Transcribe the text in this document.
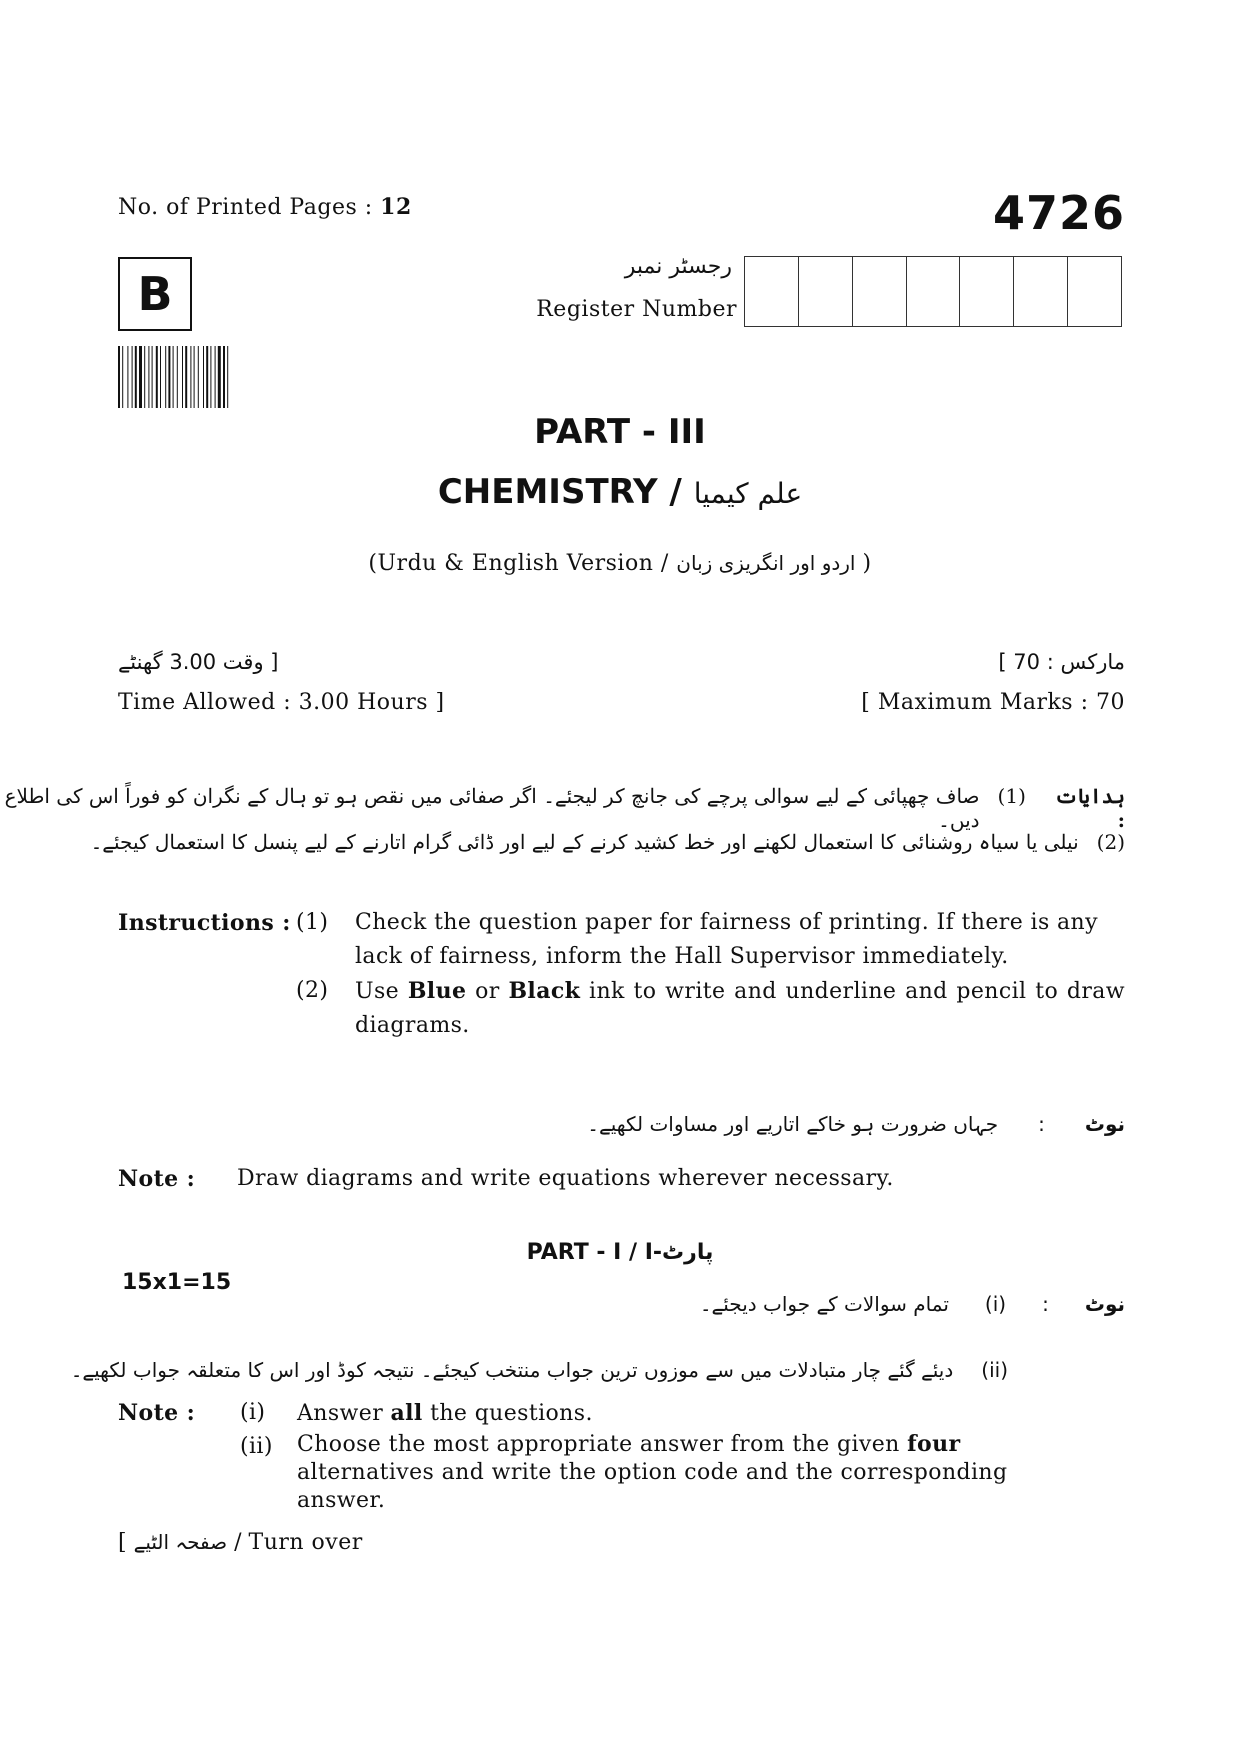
No. of Printed Pages : 12	4726
B
رجسٹر نمبر
Register Number
PART - III
CHEMISTRY / علم کیمیا
(Urdu & English Version / اردو اور انگریزی زبان )
[ وقت 3.00 گھنٹے
Time Allowed : 3.00 Hours ]
مارکس : 70 ]
[ Maximum Marks : 70
ہدایات :
(1)
صاف چھپائی کے لیے سوالی پرچے کی جانچ کر لیجئے۔ اگر صفائی میں نقص ہو تو ہال کے نگران کو فوراً اس کی اطلاع دیں۔
(2)
نیلی یا سیاہ روشنائی کا استعمال لکھنے اور خط کشید کرنے کے لیے اور ڈائی گرام اتارنے کے لیے پنسل کا استعمال کیجئے۔
Instructions : (1) Check the question paper for fairness of printing. If there is any lack of fairness, inform the Hall Supervisor immediately.
(2) Use Blue or Black ink to write and underline and pencil to draw diagrams.
نوٹ
:
جہاں ضرورت ہو خاکے اتاریے اور مساوات لکھیے۔
Note : Draw diagrams and write equations wherever necessary.
PART - I / I-پارٹ
15x1=15
نوٹ
:
(i)
تمام سوالات کے جواب دیجئے۔
(ii)
دیئے گئے چار متبادلات میں سے موزوں ترین جواب منتخب کیجئے۔ نتیجہ کوڈ اور اس کا متعلقہ جواب لکھیے۔
Note : (i) Answer all the questions.
(ii) Choose the most appropriate answer from the given four alternatives and write the option code and the corresponding answer.
[ صفحہ الٹیے / Turn over
